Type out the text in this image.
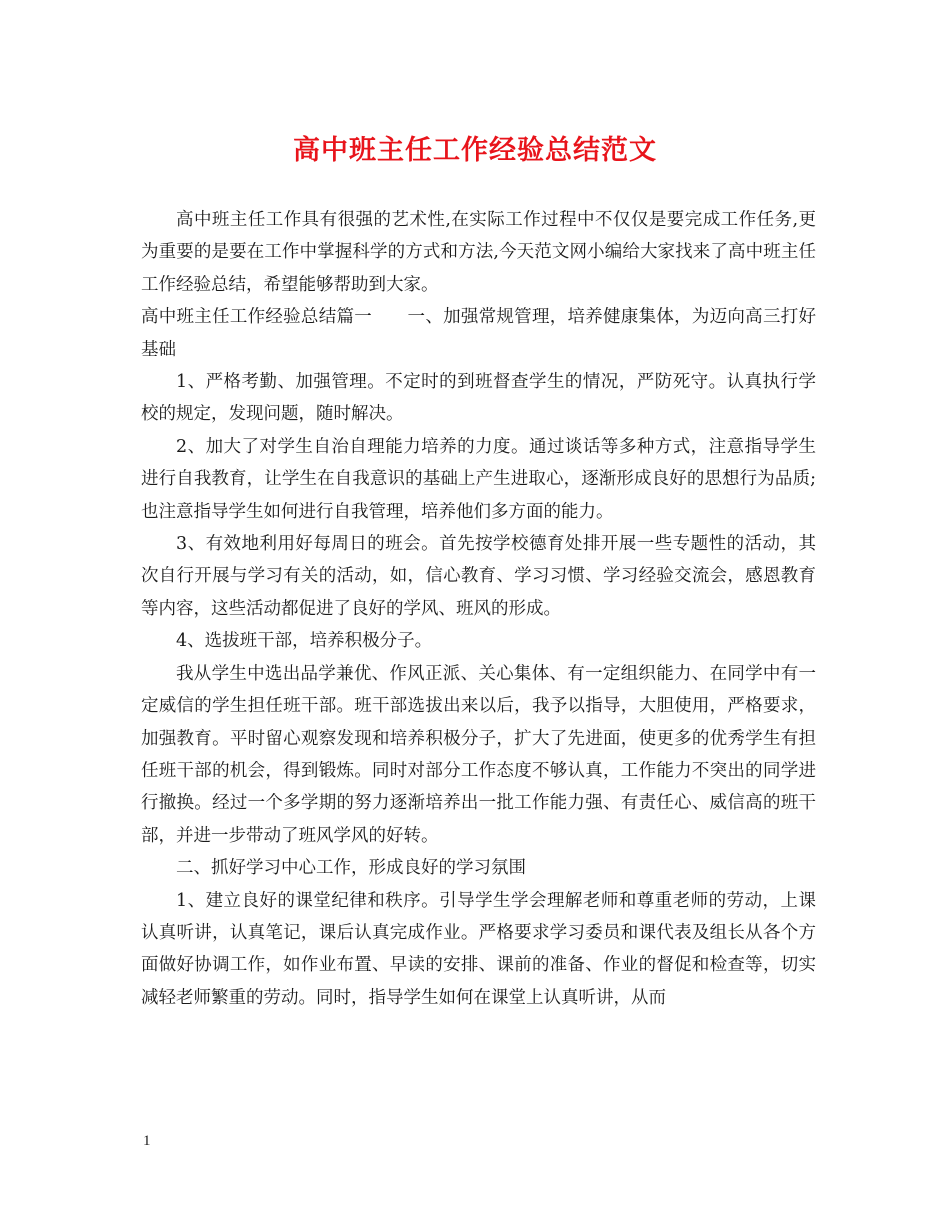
高中班主任工作经验总结范文

高中班主任工作具有很强的艺术性,在实际工作过程中不仅仅是要完成工作任务,更为重要的是要在工作中掌握科学的方式和方法,今天范文网小编给大家找来了高中班主任工作经验总结，希望能够帮助到大家。

高中班主任工作经验总结篇一　　一、加强常规管理，培养健康集体，为迈向高三打好基础

1、严格考勤、加强管理。不定时的到班督查学生的情况，严防死守。认真执行学校的规定，发现问题，随时解决。

2、加大了对学生自治自理能力培养的力度。通过谈话等多种方式，注意指导学生进行自我教育，让学生在自我意识的基础上产生进取心，逐渐形成良好的思想行为品质;也注意指导学生如何进行自我管理，培养他们多方面的能力。

3、有效地利用好每周日的班会。首先按学校德育处排开展一些专题性的活动，其次自行开展与学习有关的活动，如，信心教育、学习习惯、学习经验交流会，感恩教育等内容，这些活动都促进了良好的学风、班风的形成。

4、选拔班干部，培养积极分子。

我从学生中选出品学兼优、作风正派、关心集体、有一定组织能力、在同学中有一定威信的学生担任班干部。班干部选拔出来以后，我予以指导，大胆使用，严格要求，加强教育。平时留心观察发现和培养积极分子，扩大了先进面，使更多的优秀学生有担任班干部的机会，得到锻炼。同时对部分工作态度不够认真，工作能力不突出的同学进行撤换。经过一个多学期的努力逐渐培养出一批工作能力强、有责任心、威信高的班干部，并进一步带动了班风学风的好转。

二、抓好学习中心工作，形成良好的学习氛围

1、建立良好的课堂纪律和秩序。引导学生学会理解老师和尊重老师的劳动，上课认真听讲，认真笔记，课后认真完成作业。严格要求学习委员和课代表及组长从各个方面做好协调工作，如作业布置、早读的安排、课前的准备、作业的督促和检查等，切实减轻老师繁重的劳动。同时，指导学生如何在课堂上认真听讲，从而

1
